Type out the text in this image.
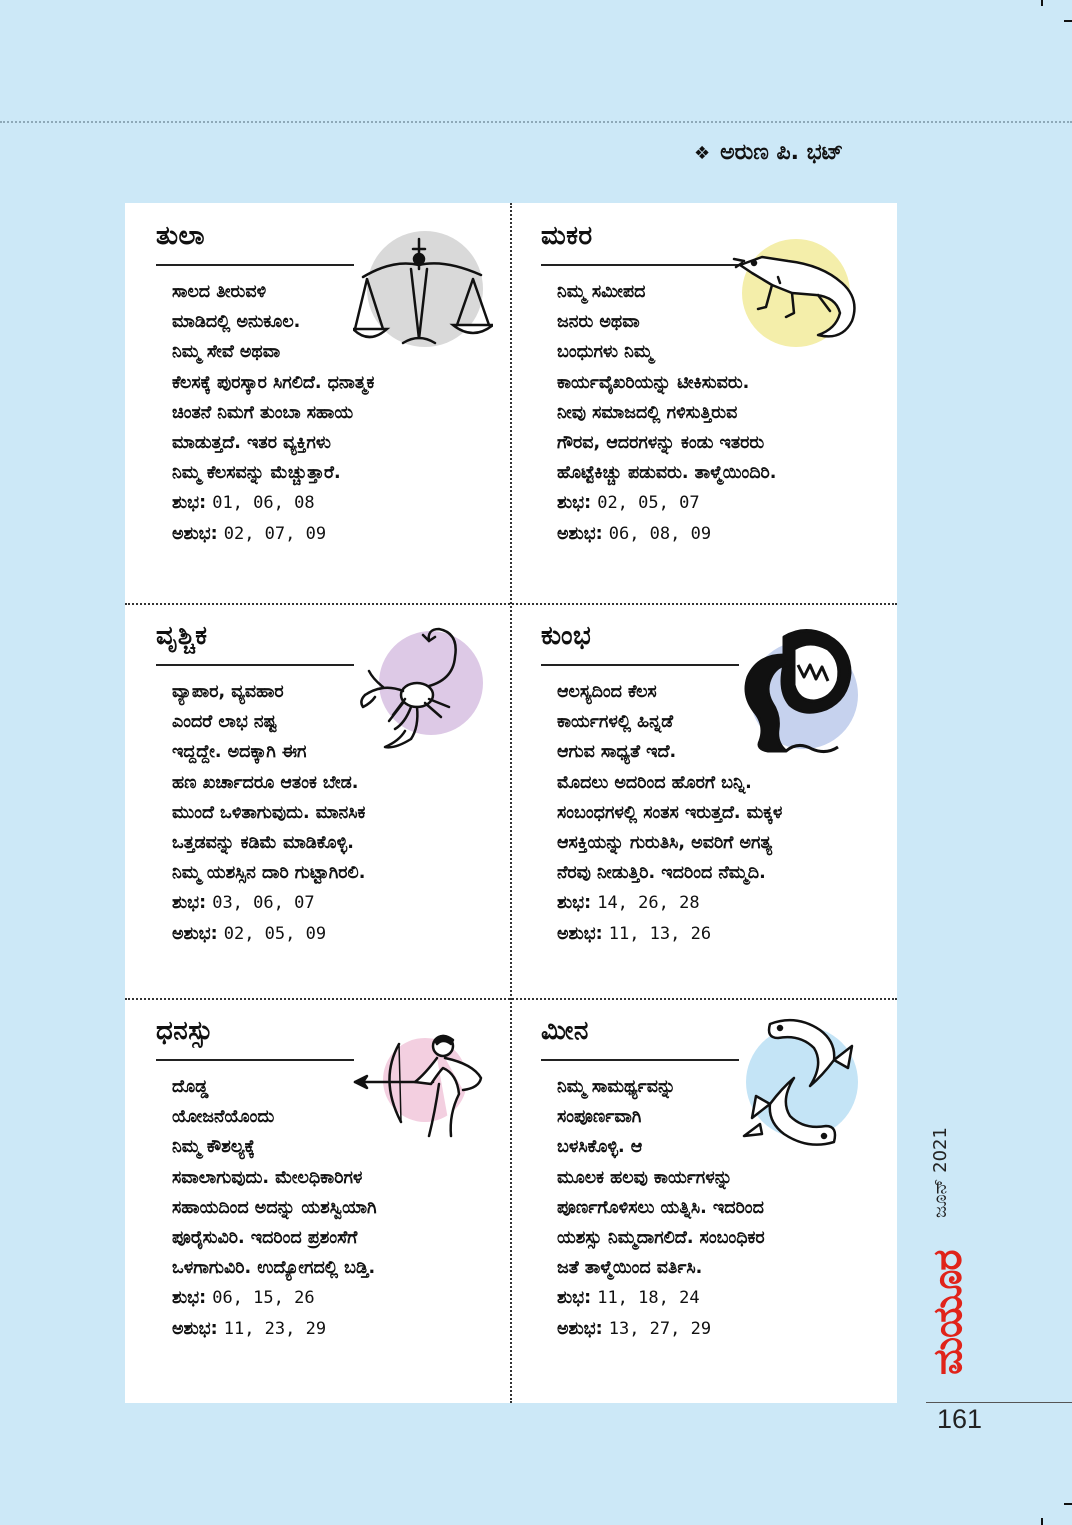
❖ ಅರುಣ ಪಿ. ಭಟ್
ತುಲಾ
ಸಾಲದ ತೀರುವಳಿ
ಮಾಡಿದಲ್ಲಿ ಅನುಕೂಲ.
ನಿಮ್ಮ ಸೇವೆ ಅಥವಾ
ಕೆಲಸಕ್ಕೆ ಪುರಸ್ಕಾರ ಸಿಗಲಿದೆ. ಧನಾತ್ಮಕ
ಚಿಂತನೆ ನಿಮಗೆ ತುಂಬಾ ಸಹಾಯ
ಮಾಡುತ್ತದೆ. ಇತರ ವ್ಯಕ್ತಿಗಳು
ನಿಮ್ಮ ಕೆಲಸವನ್ನು ಮೆಚ್ಚುತ್ತಾರೆ.
ಶುಭ: 01, 06, 08
ಅಶುಭ: 02, 07, 09
ಮಕರ
ನಿಮ್ಮ ಸಮೀಪದ
ಜನರು ಅಥವಾ
ಬಂಧುಗಳು ನಿಮ್ಮ
ಕಾರ್ಯವೈಖರಿಯನ್ನು ಟೀಕಿಸುವರು.
ನೀವು ಸಮಾಜದಲ್ಲಿ ಗಳಿಸುತ್ತಿರುವ
ಗೌರವ, ಆದರಗಳನ್ನು ಕಂಡು ಇತರರು
ಹೊಟ್ಟೆಕಿಚ್ಚು ಪಡುವರು. ತಾಳ್ಮೆಯಿಂದಿರಿ.
ಶುಭ: 02, 05, 07
ಅಶುಭ: 06, 08, 09
ವೃಶ್ಚಿಕ
ವ್ಯಾಪಾರ, ವ್ಯವಹಾರ
ಎಂದರೆ ಲಾಭ ನಷ್ಟ
ಇದ್ದದ್ದೇ. ಅದಕ್ಕಾಗಿ ಈಗ
ಹಣ ಖರ್ಚಾದರೂ ಆತಂಕ ಬೇಡ.
ಮುಂದೆ ಒಳಿತಾಗುವುದು. ಮಾನಸಿಕ
ಒತ್ತಡವನ್ನು ಕಡಿಮೆ ಮಾಡಿಕೊಳ್ಳಿ.
ನಿಮ್ಮ ಯಶಸ್ಸಿನ ದಾರಿ ಗುಟ್ಟಾಗಿರಲಿ.
ಶುಭ: 03, 06, 07
ಅಶುಭ: 02, 05, 09
ಕುಂಭ
ಆಲಸ್ಯದಿಂದ ಕೆಲಸ
ಕಾರ್ಯಗಳಲ್ಲಿ ಹಿನ್ನಡೆ
ಆಗುವ ಸಾಧ್ಯತೆ ಇದೆ.
ಮೊದಲು ಅದರಿಂದ ಹೊರಗೆ ಬನ್ನಿ.
ಸಂಬಂಧಗಳಲ್ಲಿ ಸಂತಸ ಇರುತ್ತದೆ. ಮಕ್ಕಳ
ಆಸಕ್ತಿಯನ್ನು ಗುರುತಿಸಿ, ಅವರಿಗೆ ಅಗತ್ಯ
ನೆರವು ನೀಡುತ್ತಿರಿ. ಇದರಿಂದ ನೆಮ್ಮದಿ.
ಶುಭ: 14, 26, 28
ಅಶುಭ: 11, 13, 26
ಧನಸ್ಸು
ದೊಡ್ಡ
ಯೋಜನೆಯೊಂದು
ನಿಮ್ಮ ಕೌಶಲ್ಯಕ್ಕೆ
ಸವಾಲಾಗುವುದು. ಮೇಲಧಿಕಾರಿಗಳ
ಸಹಾಯದಿಂದ ಅದನ್ನು ಯಶಸ್ವಿಯಾಗಿ
ಪೂರೈಸುವಿರಿ. ಇದರಿಂದ ಪ್ರಶಂಸೆಗೆ
ಒಳಗಾಗುವಿರಿ. ಉದ್ಯೋಗದಲ್ಲಿ ಬಡ್ತಿ.
ಶುಭ: 06, 15, 26
ಅಶುಭ: 11, 23, 29
ಮೀನ
ನಿಮ್ಮ ಸಾಮರ್ಥ್ಯವನ್ನು
ಸಂಪೂರ್ಣವಾಗಿ
ಬಳಸಿಕೊಳ್ಳಿ. ಆ
ಮೂಲಕ ಹಲವು ಕಾರ್ಯಗಳನ್ನು
ಪೂರ್ಣಗೊಳಿಸಲು ಯತ್ನಿಸಿ. ಇದರಿಂದ
ಯಶಸ್ಸು ನಿಮ್ಮದಾಗಲಿದೆ. ಸಂಬಂಧಿಕರ
ಜತೆ ತಾಳ್ಮೆಯಿಂದ ವರ್ತಿಸಿ.
ಶುಭ: 11, 18, 24
ಅಶುಭ: 13, 27, 29
ಜೂನ್ 2021
ಮಯೂರ
161
